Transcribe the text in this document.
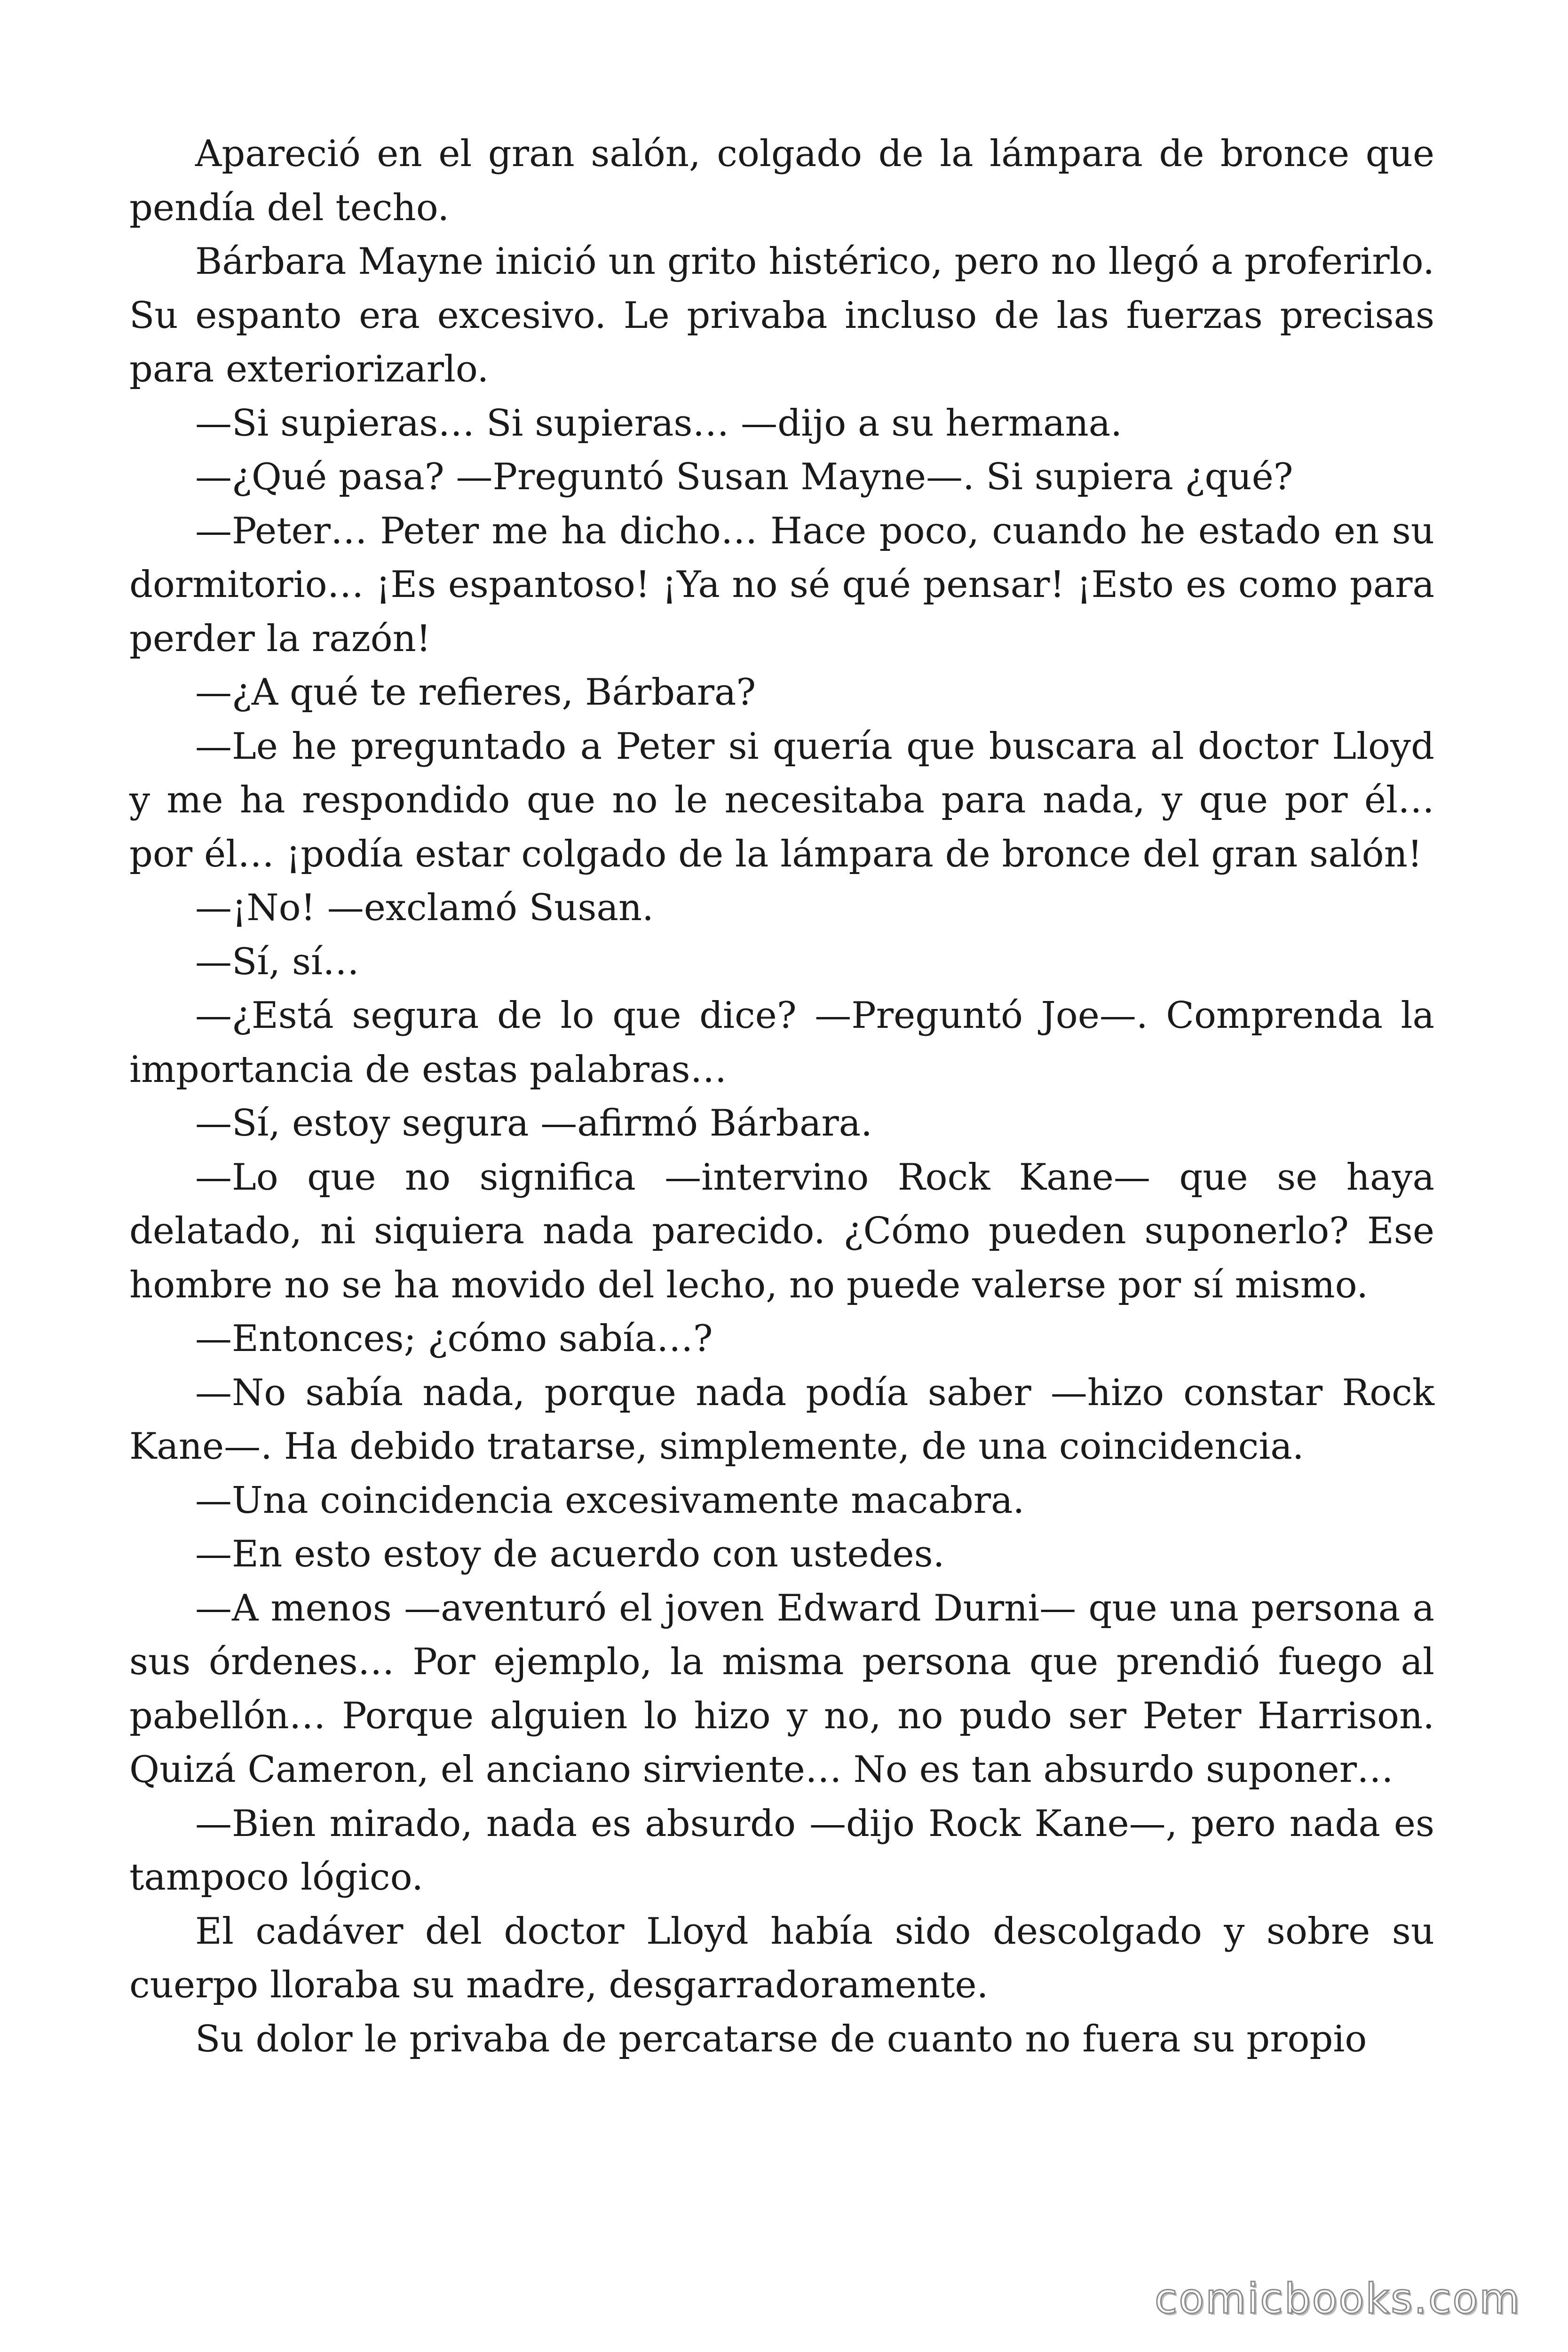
Apareció en el gran salón, colgado de la lámpara de bronce que pendía del techo.

Bárbara Mayne inició un grito histérico, pero no llegó a proferirlo. Su espanto era excesivo. Le privaba incluso de las fuerzas precisas para exteriorizarlo.

—Si supieras… Si supieras… —dijo a su hermana.

—¿Qué pasa? —Preguntó Susan Mayne—. Si supiera ¿qué?

—Peter… Peter me ha dicho… Hace poco, cuando he estado en su dormitorio… ¡Es espantoso! ¡Ya no sé qué pensar! ¡Esto es como para perder la razón!

—¿A qué te refieres, Bárbara?

—Le he preguntado a Peter si quería que buscara al doctor Lloyd y me ha respondido que no le necesitaba para nada, y que por él… por él… ¡podía estar colgado de la lámpara de bronce del gran salón!

—¡No! —exclamó Susan.

—Sí, sí…

—¿Está segura de lo que dice? —Preguntó Joe—. Comprenda la importancia de estas palabras…

—Sí, estoy segura —afirmó Bárbara.

—Lo que no significa —intervino Rock Kane— que se haya delatado, ni siquiera nada parecido. ¿Cómo pueden suponerlo? Ese hombre no se ha movido del lecho, no puede valerse por sí mismo.

—Entonces; ¿cómo sabía…?

—No sabía nada, porque nada podía saber —hizo constar Rock Kane—. Ha debido tratarse, simplemente, de una coincidencia.

—Una coincidencia excesivamente macabra.

—En esto estoy de acuerdo con ustedes.

—A menos —aventuró el joven Edward Durni— que una persona a sus órdenes… Por ejemplo, la misma persona que prendió fuego al pabellón… Porque alguien lo hizo y no, no pudo ser Peter Harrison. Quizá Cameron, el anciano sirviente… No es tan absurdo suponer…

—Bien mirado, nada es absurdo —dijo Rock Kane—, pero nada es tampoco lógico.

El cadáver del doctor Lloyd había sido descolgado y sobre su cuerpo lloraba su madre, desgarradoramente.

Su dolor le privaba de percatarse de cuanto no fuera su propio

comicbooks.com
